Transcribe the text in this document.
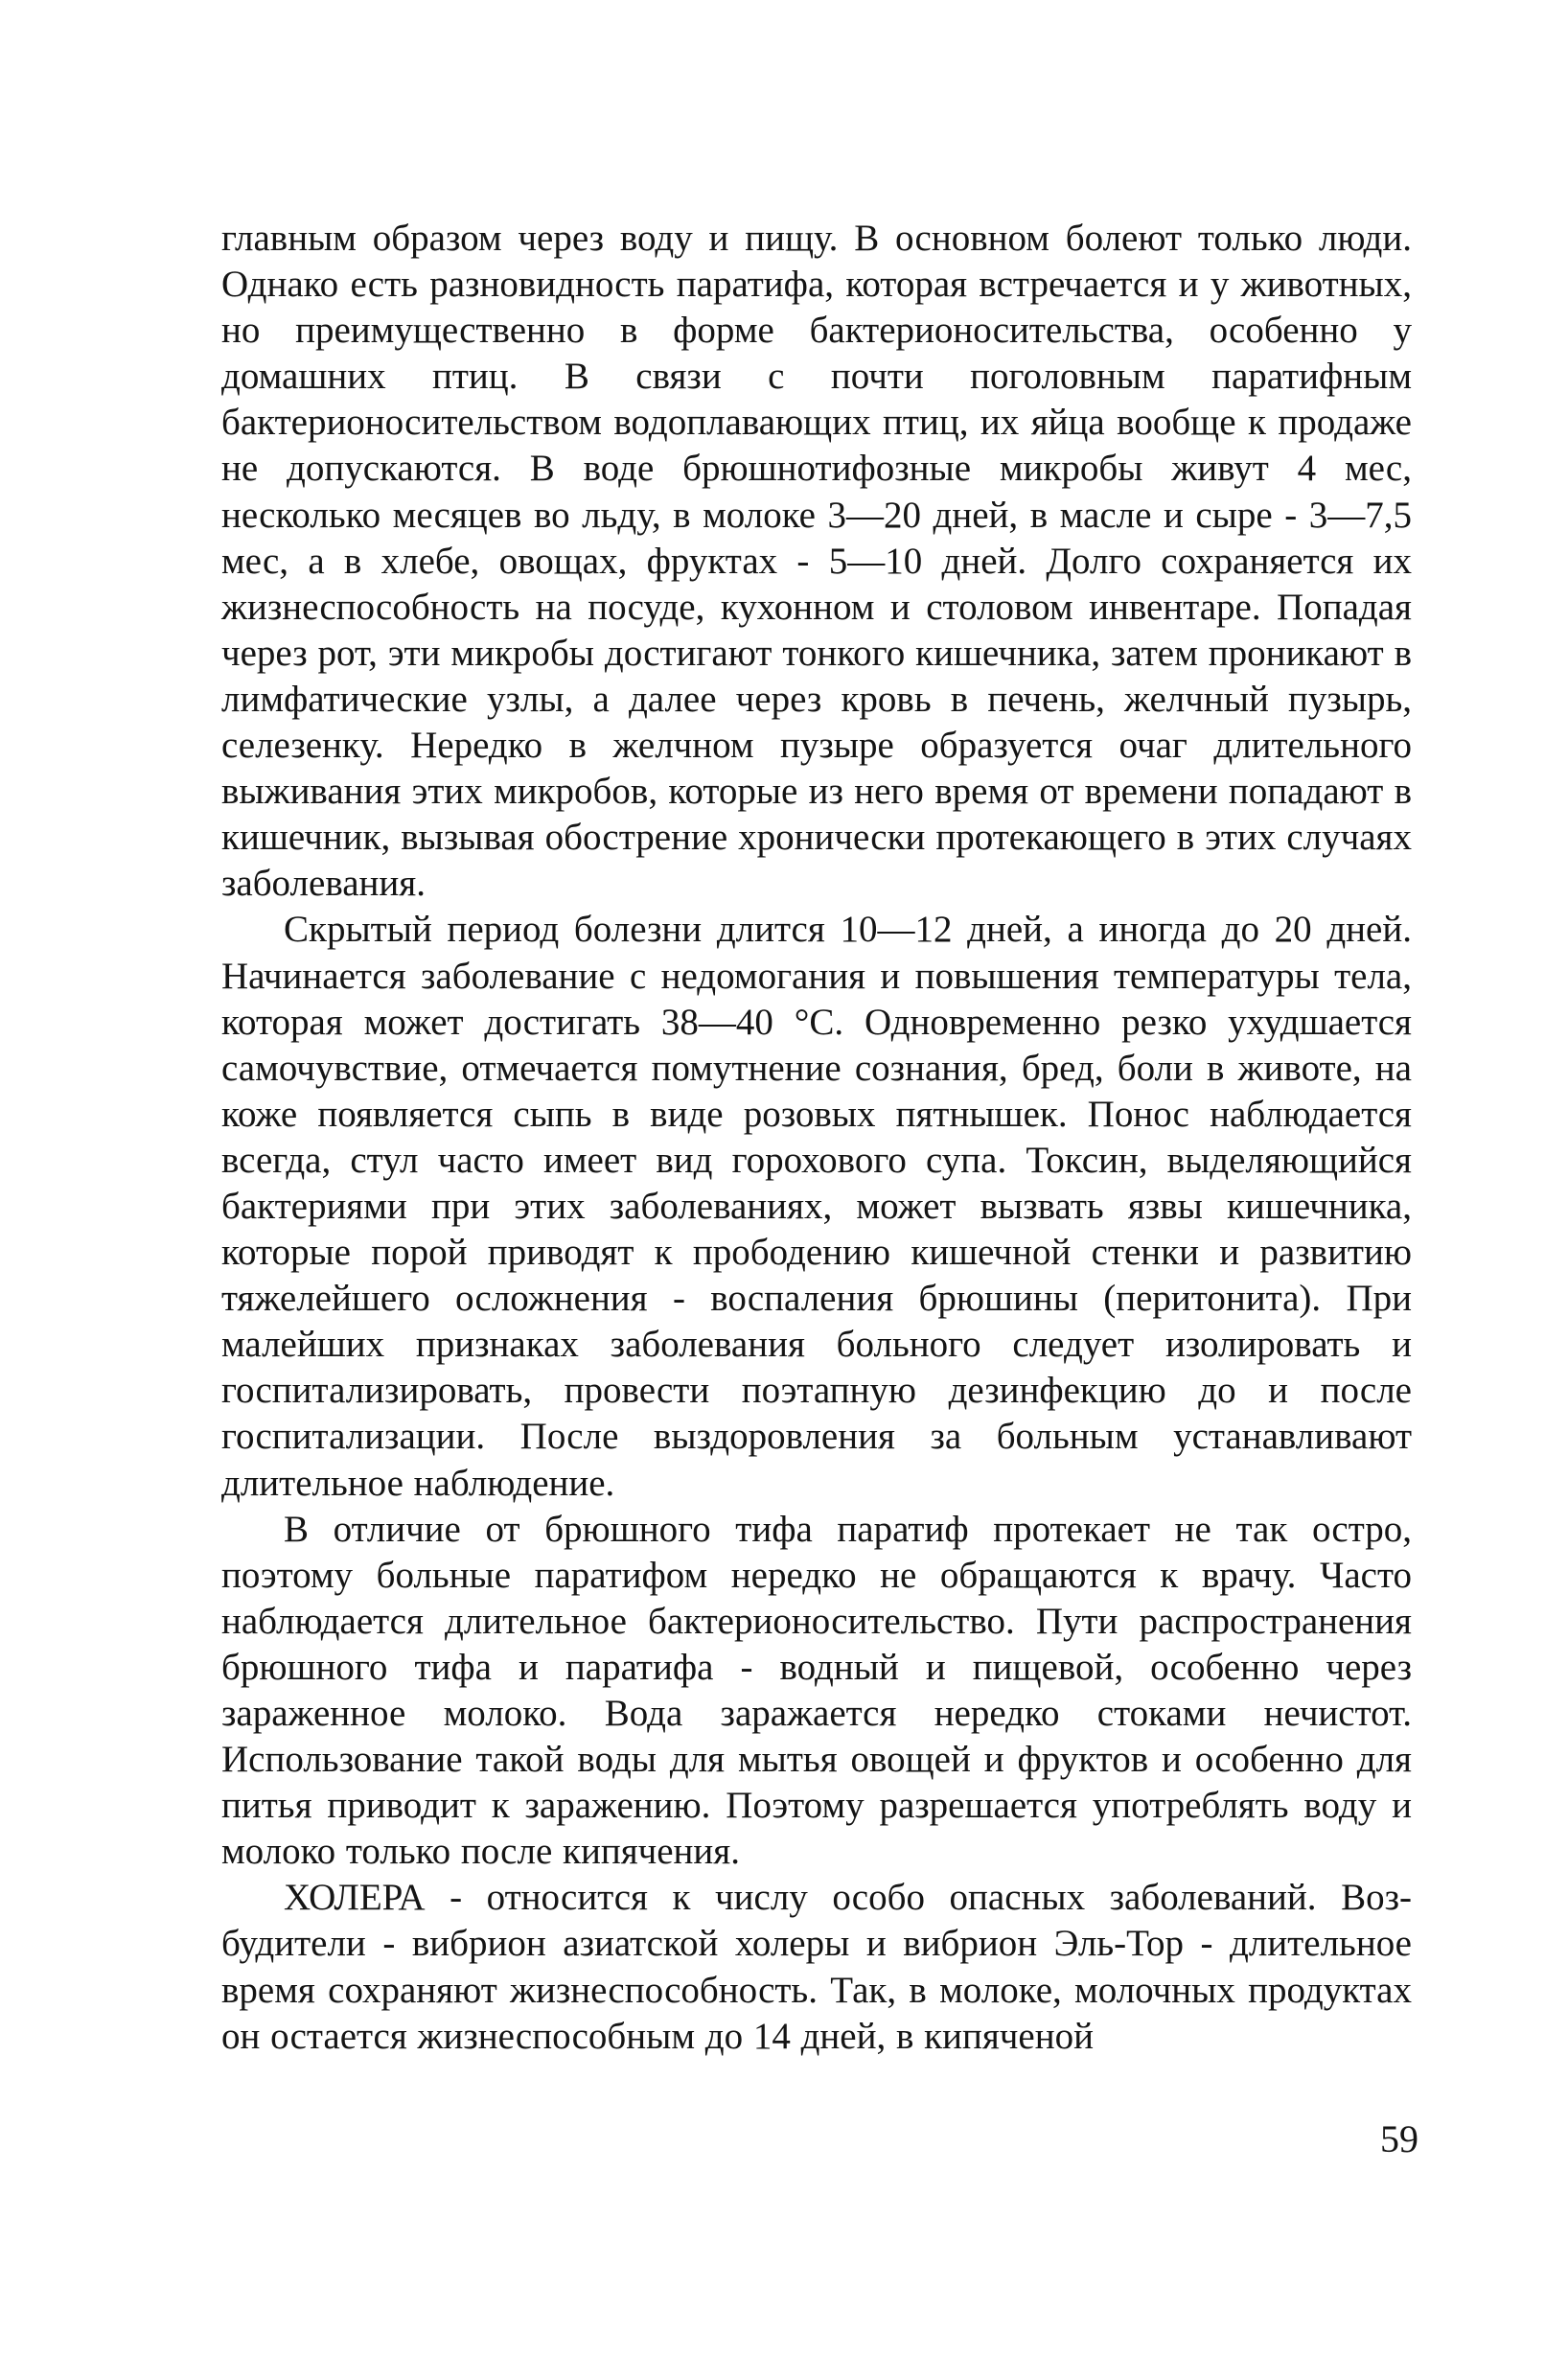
главным образом через воду и пищу. В основном болеют только люди. Однако есть разновидность паратифа, которая встречается и у животных, но преимущественно в форме бактерионосительства, особенно у домашних птиц. В связи с почти поголовным паратифным бактерионосительством водоплавающих птиц, их яйца вообще к продаже не допускаются. В воде брюшнотифозные микробы живут 4 мес, несколько месяцев во льду, в молоке 3—20 дней, в масле и сыре - 3—7,5 мес, а в хлебе, овощах, фруктах - 5—10 дней. Долго сохраняется их жизнеспособность на посуде, кухонном и столовом инвентаре. Попадая через рот, эти микробы достигают тонкого кишечника, затем проникают в лимфатические узлы, а далее через кровь в печень, желчный пузырь, селезенку. Нередко в желчном пузыре образуется очаг длительного выживания этих микробов, которые из него время от времени попадают в кишечник, вызывая обострение хронически протекающего в этих случаях заболевания.

Скрытый период болезни длится 10—12 дней, а иногда до 20 дней. Начинается заболевание с недомогания и повышения температуры тела, которая может достигать 38—40 °С. Одновременно резко ухудшается самочувствие, отмечается помутнение сознания, бред, боли в животе, на коже появляется сыпь в виде розовых пятнышек. Понос наблюдается всегда, стул часто имеет вид горохового супа. Токсин, выделяющийся бактериями при этих заболеваниях, может вызвать язвы кишечника, которые порой приводят к прободению кишечной стенки и развитию тяжелейшего осложнения - воспаления брюшины (перитонита). При малейших признаках заболевания больного следует изолировать и госпитализировать, провести поэтапную дезинфекцию до и после госпитализации. После выздоровления за больным устанавливают длительное наблюдение.

В отличие от брюшного тифа паратиф протекает не так остро, поэтому больные паратифом нередко не обращаются к врачу. Часто наблюдается длительное бактерионосительство. Пути распространения брюшного тифа и паратифа - водный и пищевой, особенно через зараженное молоко. Вода заражается нередко стоками нечистот. Использование такой воды для мытья овощей и фруктов и особенно для питья приводит к заражению. Поэтому разрешается употреблять воду и молоко только после кипячения.

ХОЛЕРА - относится к числу особо опасных заболеваний. Возбудители - вибрион азиатской холеры и вибрион Эль-Тор - длительное время сохраняют жизнеспособность. Так, в молоке, молочных продуктах он остается жизнеспособным до 14 дней, в кипяченой

59
